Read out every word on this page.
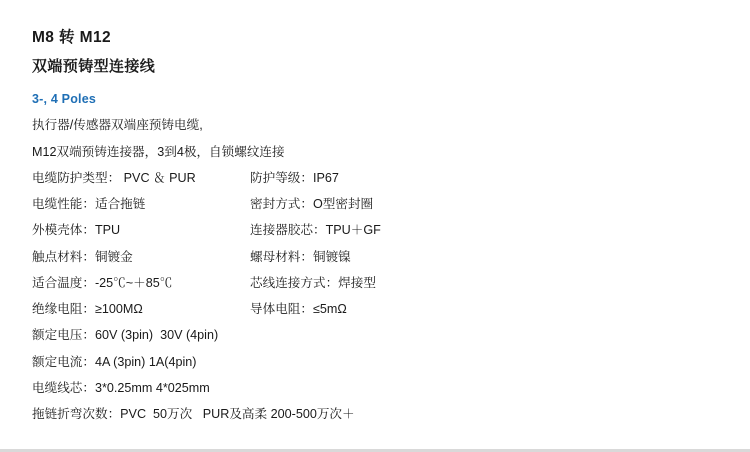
M8 转 M12
双端预铸型连接线
3-, 4 Poles
执行器/传感器双端座预铸电缆,
M12双端预铸连接器，3到4极，自锁螺纹连接
电缆防护类型： PVC ＆ PUR	防护等级：IP67
电缆性能：适合拖链	密封方式：O型密封圈
外模壳体：TPU	连接器胶芯：TPU＋GF
触点材料：铜镀金	螺母材料：铜镀镍
适合温度：-25℃~＋85℃	芯线连接方式：焊接型
绝缘电阻：≥100MΩ	导体电阻：≤5mΩ
额定电压：60V (3pin)  30V (4pin)
额定电流：4A (3pin) 1A(4pin)
电缆线芯：3*0.25mm 4*025mm
拖链折弯次数：PVC  50万次   PUR及高柔 200-500万次＋
